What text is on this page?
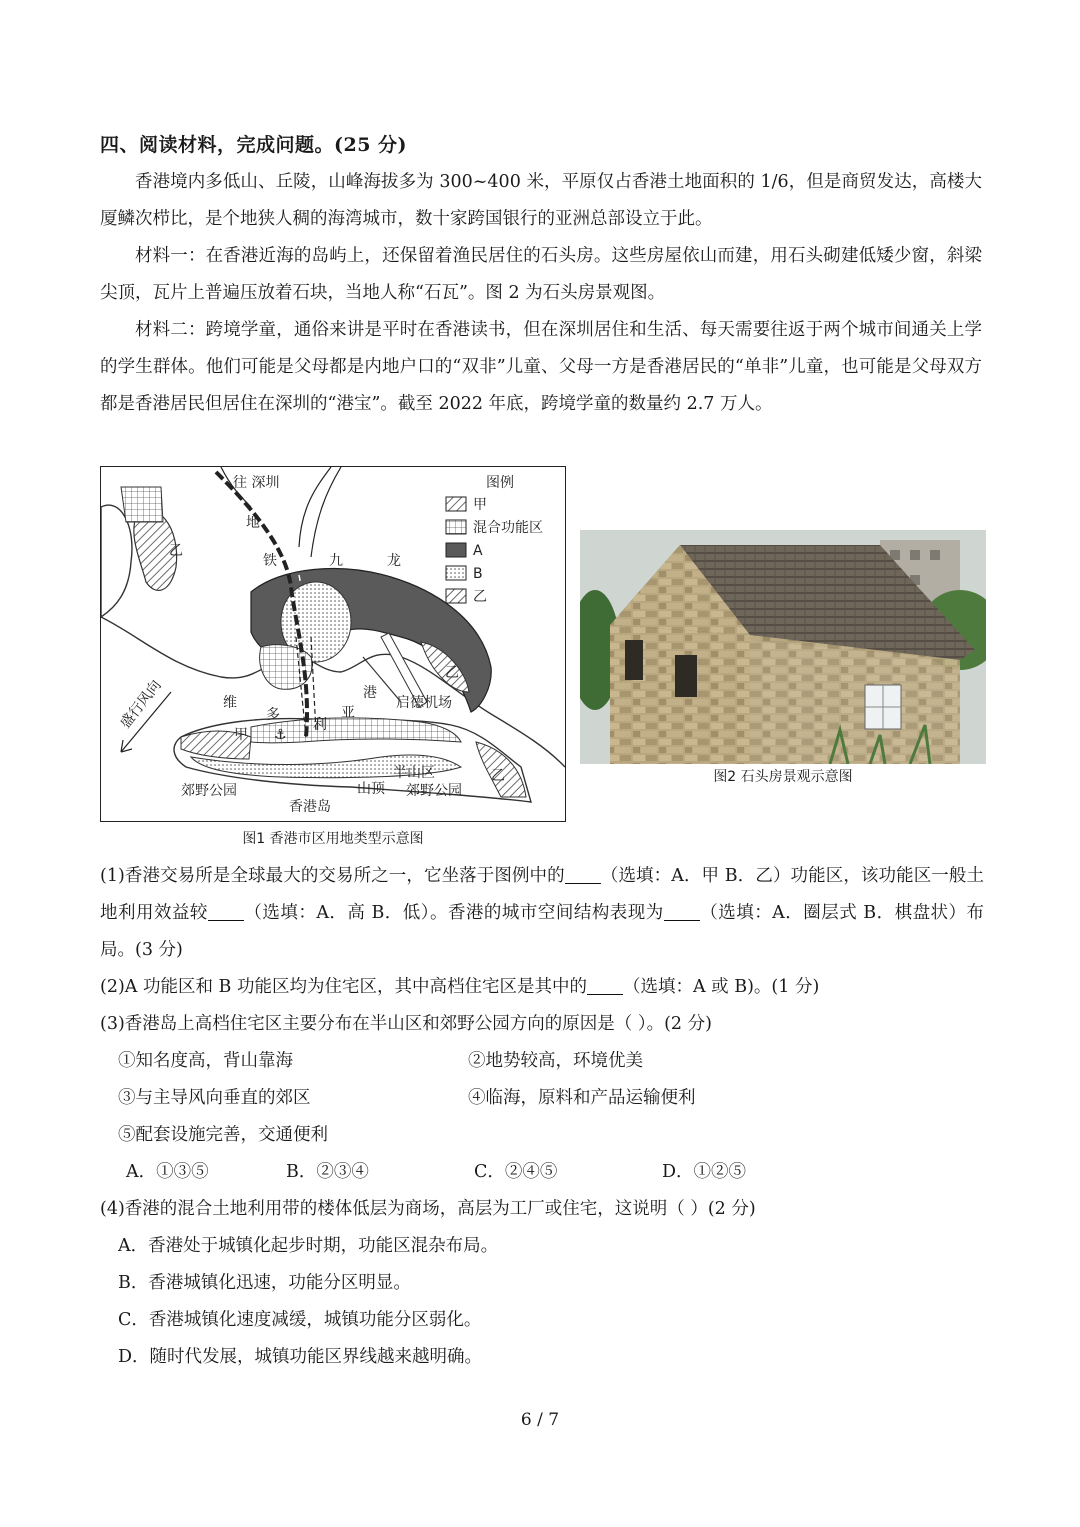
四、阅读材料，完成问题。(25 分)
香港境内多低山、丘陵，山峰海拔多为 300~400 米，平原仅占香港土地面积的 1/6，但是商贸发达，高楼大厦鳞次栉比，是个地狭人稠的海湾城市，数十家跨国银行的亚洲总部设立于此。
材料一：在香港近海的岛屿上，还保留着渔民居住的石头房。这些房屋依山而建，用石头砌建低矮少窗，斜梁尖顶，瓦片上普遍压放着石块，当地人称“石瓦”。图 2 为石头房景观图。
材料二：跨境学童，通俗来讲是平时在香港读书，但在深圳居住和生活、每天需要往返于两个城市间通关上学的学生群体。他们可能是父母都是内地户口的“双非”儿童、父母一方是香港居民的“单非”儿童，也可能是父母双方都是香港居民但居住在深圳的“港宝”。截至 2022 年底，跨境学童的数量约 2.7 万人。
图例
甲
混合功能区
A
B
乙
往 深圳
地
铁	九	龙
乙
乙
乙
港
启德机场
维
多
利
亚
甲 ⚓
半山区
郊野公园	山顶 郊野公园
香港岛
盛行风向
图1 香港市区用地类型示意图
图2 石头房景观示意图
(1)香港交易所是全球最大的交易所之一，它坐落于图例中的 （选填：A．甲 B．乙）功能区，该功能区一般土地利用效益较 （选填：A．高 B．低）。香港的城市空间结构表现为 （选填：A．圈层式 B．棋盘状）布局。(3 分)
(2)A 功能区和 B 功能区均为住宅区，其中高档住宅区是其中的 （选填：A 或 B)。(1 分)
(3)香港岛上高档住宅区主要分布在半山区和郊野公园方向的原因是（ ）。(2 分)
①知名度高，背山靠海	②地势较高，环境优美
③与主导风向垂直的郊区	④临海，原料和产品运输便利
⑤配套设施完善，交通便利
A．①③⑤	B．②③④	C．②④⑤	D．①②⑤
(4)香港的混合土地利用带的楼体低层为商场，高层为工厂或住宅，这说明（ ）(2 分)
A．香港处于城镇化起步时期，功能区混杂布局。
B．香港城镇化迅速，功能分区明显。
C．香港城镇化速度减缓，城镇功能分区弱化。
D．随时代发展，城镇功能区界线越来越明确。
6 / 7
